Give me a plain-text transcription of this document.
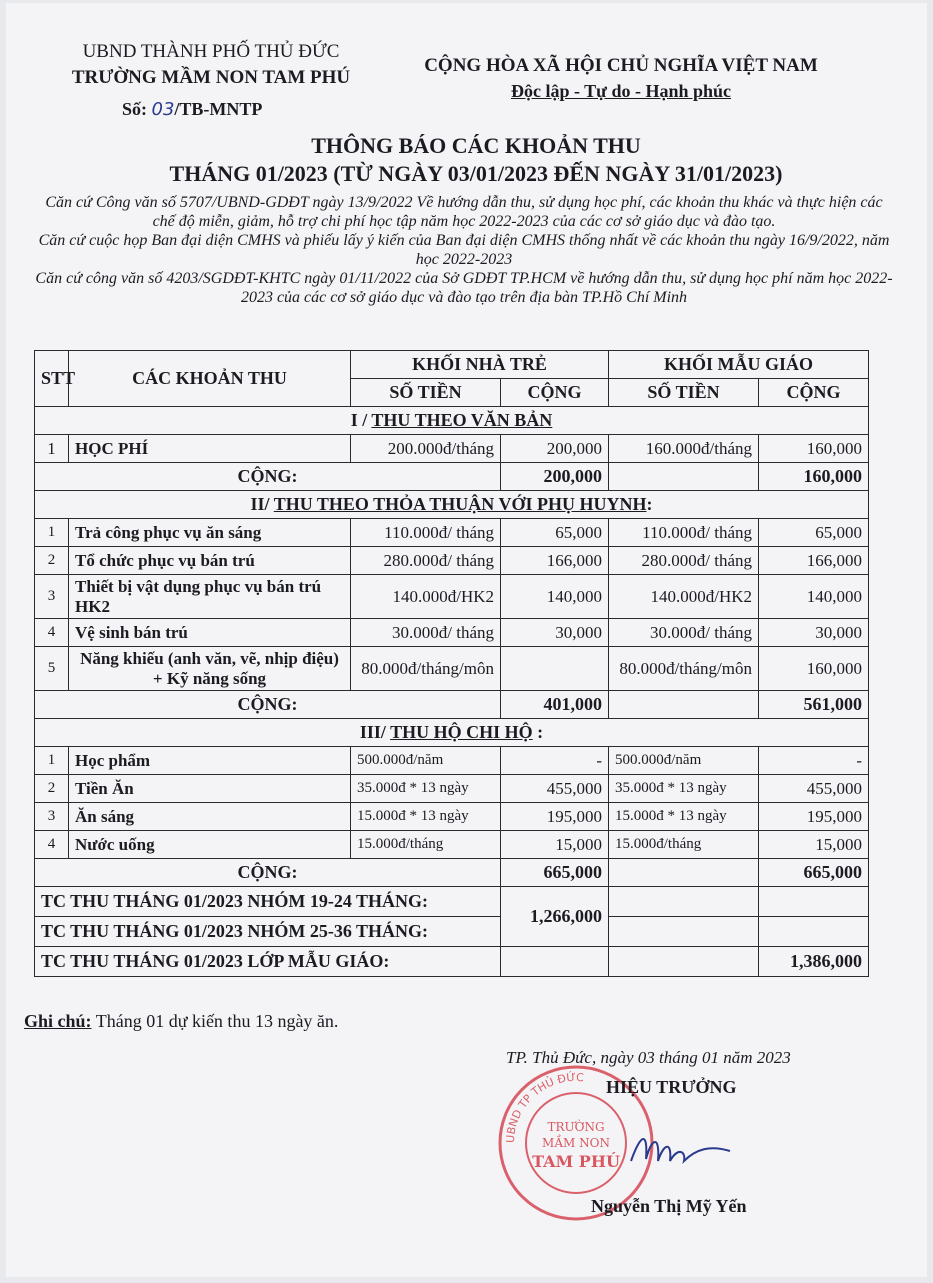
UBND THÀNH PHỐ THỦ ĐỨC
TRƯỜNG MẦM NON TAM PHÚ
Số: 03/TB-MNTP
CỘNG HÒA XÃ HỘI CHỦ NGHĨA VIỆT NAM
Độc lập - Tự do - Hạnh phúc
THÔNG BÁO CÁC KHOẢN THU
THÁNG 01/2023 (TỪ NGÀY 03/01/2023 ĐẾN NGÀY 31/01/2023)

Căn cứ Công văn số 5707/UBND-GDĐT ngày 13/9/2022 Về hướng dẫn thu, sử dụng học phí, các khoản thu khác và thực hiện các chế độ miễn, giảm, hỗ trợ chi phí học tập năm học 2022-2023 của các cơ sở giáo dục và đào tạo.

Căn cứ cuộc họp Ban đại diện CMHS và phiếu lấy ý kiến của Ban đại diện CMHS thống nhất về các khoản thu ngày 16/9/2022, năm học 2022-2023

Căn cứ công văn số 4203/SGDĐT-KHTC ngày 01/11/2022 của Sở GDĐT TP.HCM về hướng dẫn thu, sử dụng học phí năm học 2022-2023 của các cơ sở giáo dục và đào tạo trên địa bàn TP.Hồ Chí Minh

STT	CÁC KHOẢN THU	KHỐI NHÀ TRẺ		KHỐI MẪU GIÁO	
		SỐ TIỀN	CỘNG	SỐ TIỀN	CỘNG
I / THU THEO VĂN BẢN					
1	HỌC PHÍ	200.000đ/tháng	200,000	160.000đ/tháng	160,000
CỘNG:			200,000		160,000
II/ THU THEO THỎA THUẬN VỚI PHỤ HUYNH:					
1	Trả công phục vụ ăn sáng	110.000đ/ tháng	65,000	110.000đ/ tháng	65,000
2	Tổ chức phục vụ bán trú	280.000đ/ tháng	166,000	280.000đ/ tháng	166,000
3	Thiết bị vật dụng phục vụ bán trú HK2	140.000đ/HK2	140,000	140.000đ/HK2	140,000
4	Vệ sinh bán trú	30.000đ/ tháng	30,000	30.000đ/ tháng	30,000
5	Năng khiếu (anh văn, vẽ, nhịp điệu) + Kỹ năng sống	80.000đ/tháng/môn		80.000đ/tháng/môn	160,000
CỘNG:			401,000		561,000
III/ THU HỘ CHI HỘ :					
1	Học phẩm	500.000đ/năm	-	500.000đ/năm	-
2	Tiền Ăn	35.000đ * 13 ngày	455,000	35.000đ * 13 ngày	455,000
3	Ăn sáng	15.000đ * 13 ngày	195,000	15.000đ * 13 ngày	195,000
4	Nước uống	15.000đ/tháng	15,000	15.000đ/tháng	15,000
CỘNG:			665,000		665,000
TC THU THÁNG 01/2023 NHÓM 19-24 THÁNG:			1,266,000		
TC THU THÁNG 01/2023 NHÓM 25-36 THÁNG:					
TC THU THÁNG 01/2023 LỚP MẪU GIÁO:					1,386,000
Ghi chú: Tháng 01 dự kiến thu 13 ngày ăn.
TP. Thủ Đức, ngày 03 tháng 01 năm 2023
UBND TP THỦ ĐỨC
TRƯỜNG
MẦM NON
TAM PHÚ
HIỆU TRƯỞNG
Nguyễn Thị Mỹ Yến
